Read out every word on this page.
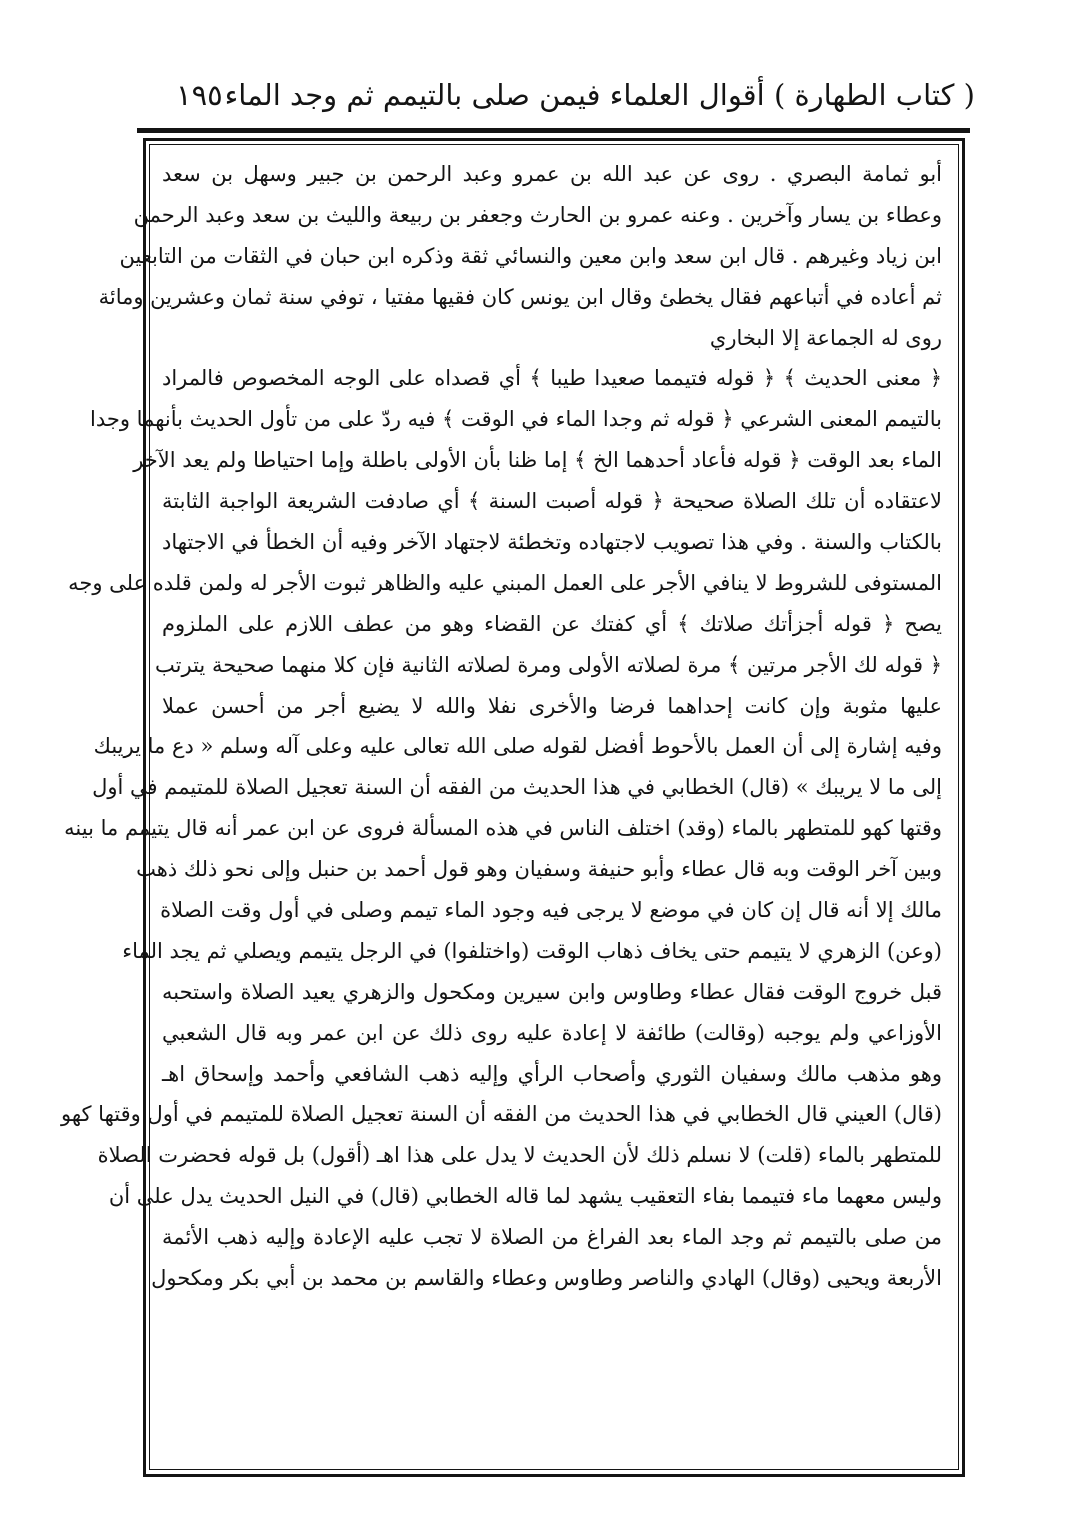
( كتاب الطهارة ) أقوال العلماء فيمن صلى بالتيمم ثم وجد الماء
١٩٥
أبو ثمامة البصري . روى عن عبد الله بن عمرو وعبد الرحمن بن جبير وسهل بن سعد
وعطاء بن يسار وآخرين . وعنه عمرو بن الحارث وجعفر بن ربيعة والليث بن سعد وعبد الرحمن
ابن زياد وغيرهم . قال ابن سعد وابن معين والنسائي ثقة وذكره ابن حبان في الثقات من التابعين
ثم أعاده في أتباعهم فقال يخطئ وقال ابن يونس كان فقيها مفتيا ، توفي سنة ثمان وعشرين ومائة
روى له الجماعة إلا البخاري
﴿ معنى الحديث ﴾ ﴿ قوله فتيمما صعيدا طيبا ﴾ أي قصداه على الوجه المخصوص فالمراد
بالتيمم المعنى الشرعي ﴿ قوله ثم وجدا الماء في الوقت ﴾ فيه ردّ على من تأول الحديث بأنهما وجدا
الماء بعد الوقت ﴿ قوله فأعاد أحدهما الخ ﴾ إما ظنا بأن الأولى باطلة وإما احتياطا ولم يعد الآخر
لاعتقاده أن تلك الصلاة صحيحة ﴿ قوله أصبت السنة ﴾ أي صادفت الشريعة الواجبة الثابتة
بالكتاب والسنة . وفي هذا تصويب لاجتهاده وتخطئة لاجتهاد الآخر وفيه أن الخطأ في الاجتهاد
المستوفى للشروط لا ينافي الأجر على العمل المبني عليه والظاهر ثبوت الأجر له ولمن قلده على وجه
يصح ﴿ قوله أجزأتك صلاتك ﴾ أي كفتك عن القضاء وهو من عطف اللازم على الملزوم
﴿ قوله لك الأجر مرتين ﴾ مرة لصلاته الأولى ومرة لصلاته الثانية فإن كلا منهما صحيحة يترتب
عليها مثوبة وإن كانت إحداهما فرضا والأخرى نفلا والله لا يضيع أجر من أحسن عملا
وفيه إشارة إلى أن العمل بالأحوط أفضل لقوله صلى الله تعالى عليه وعلى آله وسلم « دع ما يريبك
إلى ما لا يريبك » (قال) الخطابي في هذا الحديث من الفقه أن السنة تعجيل الصلاة للمتيمم في أول
وقتها كهو للمتطهر بالماء (وقد) اختلف الناس في هذه المسألة فروى عن ابن عمر أنه قال يتيمم ما بينه
وبين آخر الوقت وبه قال عطاء وأبو حنيفة وسفيان وهو قول أحمد بن حنبل وإلى نحو ذلك ذهب
مالك إلا أنه قال إن كان في موضع لا يرجى فيه وجود الماء تيمم وصلى في أول وقت الصلاة
(وعن) الزهري لا يتيمم حتى يخاف ذهاب الوقت (واختلفوا) في الرجل يتيمم ويصلي ثم يجد الماء
قبل خروج الوقت فقال عطاء وطاوس وابن سيرين ومكحول والزهري يعيد الصلاة واستحبه
الأوزاعي ولم يوجبه (وقالت) طائفة لا إعادة عليه روى ذلك عن ابن عمر وبه قال الشعبي
وهو مذهب مالك وسفيان الثوري وأصحاب الرأي وإليه ذهب الشافعي وأحمد وإسحاق اهـ
(قال) العيني قال الخطابي في هذا الحديث من الفقه أن السنة تعجيل الصلاة للمتيمم في أول وقتها كهو
للمتطهر بالماء (قلت) لا نسلم ذلك لأن الحديث لا يدل على هذا اهـ (أقول) بل قوله فحضرت الصلاة
وليس معهما ماء فتيمما بفاء التعقيب يشهد لما قاله الخطابي (قال) في النيل الحديث يدل على أن
من صلى بالتيمم ثم وجد الماء بعد الفراغ من الصلاة لا تجب عليه الإعادة وإليه ذهب الأئمة
الأربعة ويحيى (وقال) الهادي والناصر وطاوس وعطاء والقاسم بن محمد بن أبي بكر ومكحول
